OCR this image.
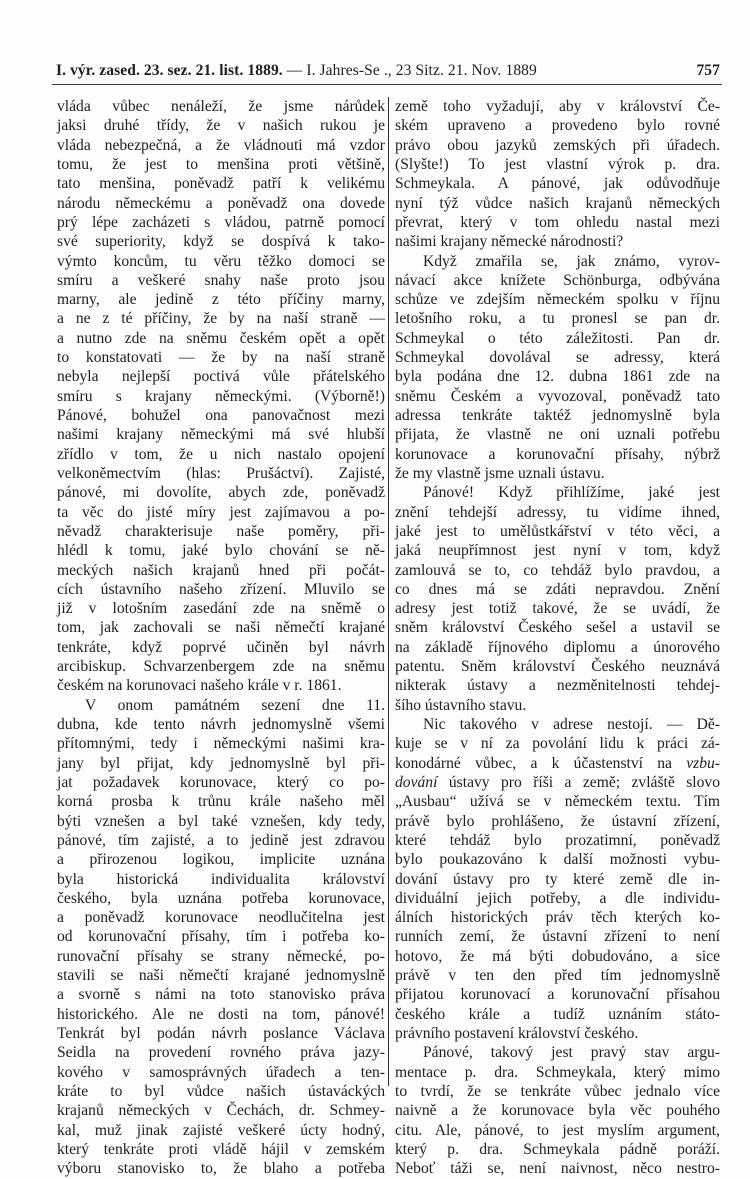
I. výr. zased. 23. sez. 21. list. 1889. — I. Jahres-Se ., 23 Sitz. 21. Nov. 1889	757
vláda vůbec nenáleží, že jsme nárůdek
jaksi druhé třídy, že v našich rukou je
vláda nebezpečná, a že vládnouti má vzdor
tomu, že jest to menšina proti většině,
tato menšina, poněvadž patří k velikému
národu německému a poněvadž ona dovede
prý lépe zacházeti s vládou, patrně pomocí
své superiority, když se dospívá k tako-
výmto koncům, tu věru těžko domoci se
smíru a veškeré snahy naše proto jsou
marny, ale jedině z této příčiny marny,
a ne z té příčiny, že by na naší straně —
a nutno zde na sněmu českém opět a opět
to konstatovati — že by na naší straně
nebyla nejlepší poctivá vůle přátelského
smíru s krajany německými. (Výborně!)
Pánové, bohužel ona panovačnost mezi
našimi krajany německými má své hlubší
zřídlo v tom, že u nich nastalo opojení
velkoněmectvím (hlas: Prušáctví). Zajisté,
pánové, mi dovolíte, abych zde, poněvadž
ta věc do jisté míry jest zajímavou a po-
něvadž charakterisuje naše poměry, při-
hlédl k tomu, jaké bylo chování se ně-
meckých našich krajanů hned při počát-
cích ústavního našeho zřízení. Mluvilo se
již v lotošním zasedání zde na sněmě o
tom, jak zachovali se naši němečtí krajané
tenkráte, když poprvé učiněn byl návrh
arcibiskup. Schvarzenbergem zde na sněmu
českém na korunovaci našeho krále v r. 1861.
V onom památném sezení dne 11.
dubna, kde tento návrh jednomyslně všemi
přítomnými, tedy i německými našimi kra-
jany byl přijat, kdy jednomyslně byl při-
jat požadavek korunovace, který co po-
korná prosba k trůnu krále našeho měl
býti vznešen a byl také vznešen, kdy tedy,
pánové, tím zajisté, a to jedině jest zdravou
a přirozenou logikou, implicite uznána
byla historická individualita království
českého, byla uznána potřeba korunovace,
a poněvadž korunovace neodlučitelna jest
od korunovační přísahy, tím i potřeba ko-
runovační přísahy se strany německé, po-
stavili se naši němečtí krajané jednomyslně
a svorně s námi na toto stanovisko práva
historického. Ale ne dosti na tom, pánové!
Tenkrát byl podán návrh poslance Václava
Seidla na provedení rovného práva jazy-
kového v samosprávných úřadech a ten-
kráte to byl vůdce našich ústaváckých
krajanů německých v Čechách, dr. Schmey-
kal, muž jinak zajisté veškeré úcty hodný,
který tenkráte proti vládě hájil v zemském
výboru stanovisko to, že blaho a potřeba
země toho vyžadují, aby v království Če-
ském upraveno a provedeno bylo rovné
právo obou jazyků zemských při úřadech.
(Slyšte!) To jest vlastní výrok p. dra.
Schmeykala. A pánové, jak odůvodňuje
nyní týž vůdce našich krajanů německých
převrat, který v tom ohledu nastal mezi
našimi krajany německé národnosti?
Když zmařila se, jak známo, vyrov-
návací akce knížete Schönburga, odbývána
schůze ve zdejším německém spolku v říjnu
letošního roku, a tu pronesl se pan dr.
Schmeykal o této záležitosti. Pan dr.
Schmeykal dovolával se adressy, která
byla podána dne 12. dubna 1861 zde na
sněmu Českém a vyvozoval, poněvadž tato
adressa tenkráte taktéž jednomyslně byla
přijata, že vlastně ne oni uznali potřebu
korunovace a korunovační přísahy, nýbrž
že my vlastně jsme uznali ústavu.
Pánové! Když přihlížíme, jaké jest
znění tehdejší adressy, tu vidíme ihned,
jaké jest to umělůstkářství v této věci, a
jaká neupřímnost jest nyní v tom, když
zamlouvá se to, co tehdáž bylo pravdou, a
co dnes má se zdáti nepravdou. Znění
adresy jest totiž takové, že se uvádí, že
sněm království Českého sešel a ustavil se
na základě říjnového diplomu a únorového
patentu. Sněm království Českého neuznává
nikterak ústavy a nezměnitelnosti tehdej-
šího ústavního stavu.
Nic takového v adrese nestojí. — Dě-
kuje se v ní za povolání lidu k práci zá-
konodárné vůbec, a k účastenství na vzbu-
dování ústavy pro říši a země; zvláště slovo
„Ausbau“ užívá se v německém textu. Tím
právě bylo prohlášeno, že ústavní zřízení,
které tehdáž bylo prozatimní, poněvadž
bylo poukazováno k další možnosti vybu-
dování ústavy pro ty které země dle in-
dividuální jejich potřeby, a dle individu-
álních historických práv těch kterých ko-
runních zemí, že ústavní zřízení to není
hotovo, že má býti dobudováno, a sice
právě v ten den před tím jednomyslně
přijatou korunovací a korunovační přísahou
českého krále a tudíž uznáním státo-
právního postavení království českého.
Pánové, takový jest pravý stav argu-
mentace p. dra. Schmeykala, který mimo
to tvrdí, že se tenkráte vůbec jednalo více
naivně a že korunovace byla věc pouhého
citu. Ale, pánové, to jest myslím argument,
který p. dra. Schmeykala pádně poráží.
Neboť táži se, není naivnost, něco nestro-
